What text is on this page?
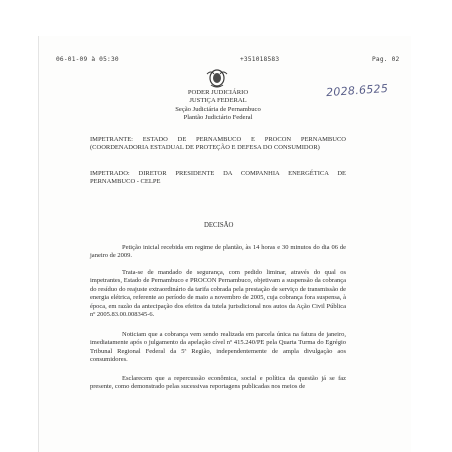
06-01-09 à 05:30	+351018583	Pag. 02
2028.6525
PODER JUDICIÁRIO
JUSTIÇA FEDERAL
Seção Judiciária de Pernambuco
Plantão Judiciário Federal
IMPETRANTE: ESTADO DE PERNAMBUCO E PROCON PERNAMBUCO (COORDENADORIA ESTADUAL DE PROTEÇÃO E DEFESA DO CONSUMIDOR)
IMPETRADO: DIRETOR PRESIDENTE DA COMPANHIA ENERGÉTICA DE PERNAMBUCO - CELPE
DECISÃO
Petição inicial recebida em regime de plantão, às 14 horas e 30 minutos do dia 06 de janeiro de 2009.
Trata-se de mandado de segurança, com pedido liminar, através do qual os impetrantes, Estado de Pernambuco e PROCON Pernambuco, objetivam a suspensão da cobrança do resíduo do reajuste extraordinário da tarifa cobrada pela prestação de serviço de transmissão de energia elétrica, referente ao período de maio a novembro de 2005, cuja cobrança fora suspensa, à época, em razão da antecipação dos efeitos da tutela jurisdicional nos autos da Ação Civil Pública nº 2005.83.00.008345-6.
Noticiam que a cobrança vem sendo realizada em parcela única na fatura de janeiro, imediatamente após o julgamento da apelação cível nº 415.240/PE pela Quarta Turma do Egrégio Tribunal Regional Federal da 5ª Região, independentemente de ampla divulgação aos consumidores.
Esclarecem que a repercussão econômica, social e política da questão já se faz presente, como demonstrado pelas sucessivas reportagens publicadas nos meios de
